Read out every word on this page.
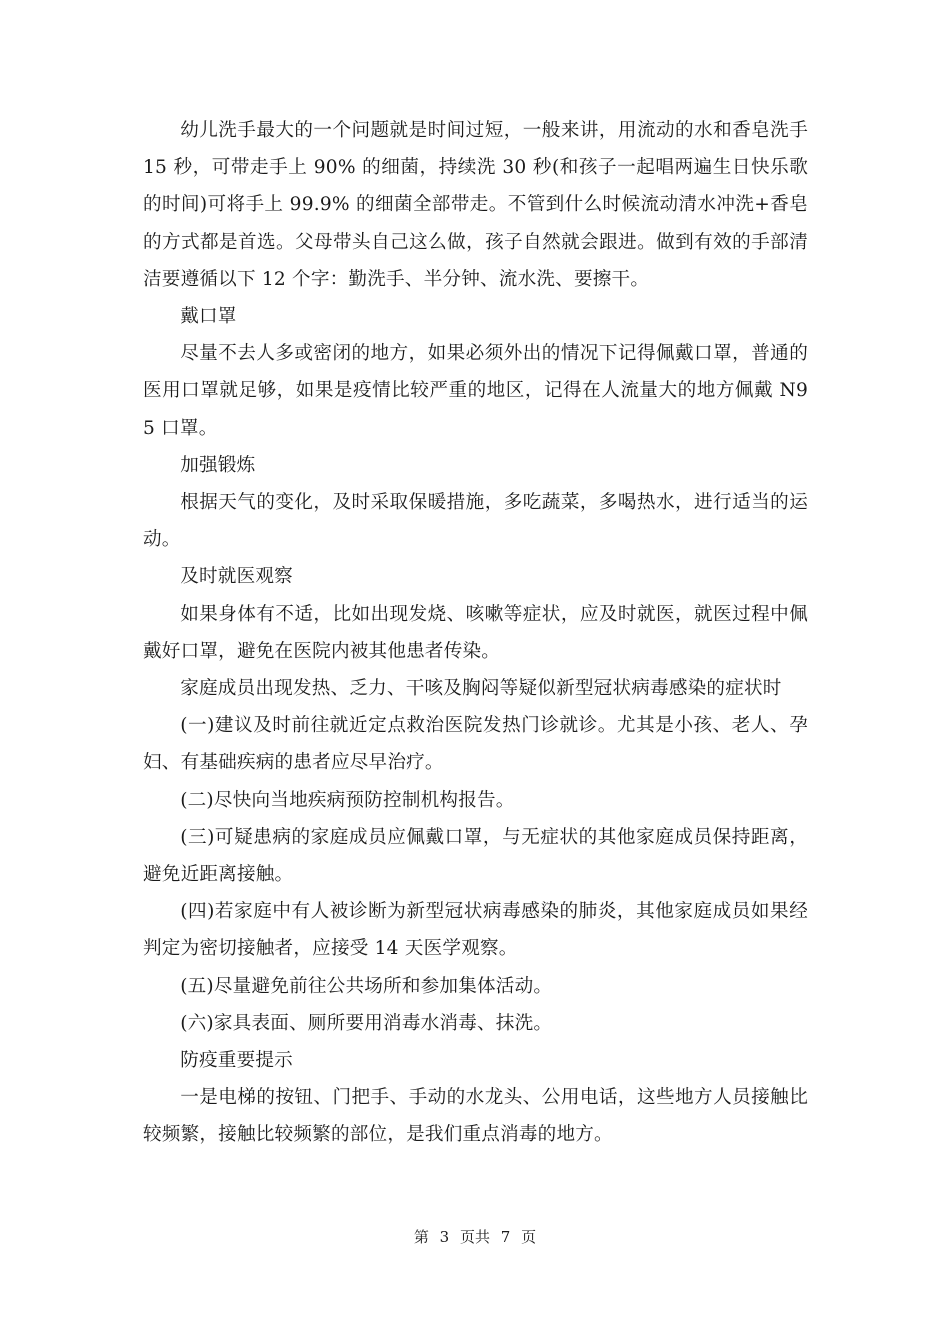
幼儿洗手最大的一个问题就是时间过短，一般来讲，用流动的水和香皂洗手 15 秒，可带走手上 90% 的细菌，持续洗 30 秒(和孩子一起唱两遍生日快乐歌的时间)可将手上 99.9% 的细菌全部带走。不管到什么时候流动清水冲洗+香皂的方式都是首选。父母带头自己这么做，孩子自然就会跟进。做到有效的手部清洁要遵循以下 12 个字：勤洗手、半分钟、流水洗、要擦干。

戴口罩

尽量不去人多或密闭的地方，如果必须外出的情况下记得佩戴口罩，普通的医用口罩就足够，如果是疫情比较严重的地区，记得在人流量大的地方佩戴 N95 口罩。

加强锻炼

根据天气的变化，及时采取保暖措施，多吃蔬菜，多喝热水，进行适当的运动。

及时就医观察

如果身体有不适，比如出现发烧、咳嗽等症状，应及时就医，就医过程中佩戴好口罩，避免在医院内被其他患者传染。

家庭成员出现发热、乏力、干咳及胸闷等疑似新型冠状病毒感染的症状时

(一)建议及时前往就近定点救治医院发热门诊就诊。尤其是小孩、老人、孕妇、有基础疾病的患者应尽早治疗。

(二)尽快向当地疾病预防控制机构报告。

(三)可疑患病的家庭成员应佩戴口罩，与无症状的其他家庭成员保持距离，避免近距离接触。

(四)若家庭中有人被诊断为新型冠状病毒感染的肺炎，其他家庭成员如果经判定为密切接触者，应接受 14 天医学观察。

(五)尽量避免前往公共场所和参加集体活动。

(六)家具表面、厕所要用消毒水消毒、抹洗。

防疫重要提示

一是电梯的按钮、门把手、手动的水龙头、公用电话，这些地方人员接触比较频繁，接触比较频繁的部位，是我们重点消毒的地方。

第 3 页共 7 页
